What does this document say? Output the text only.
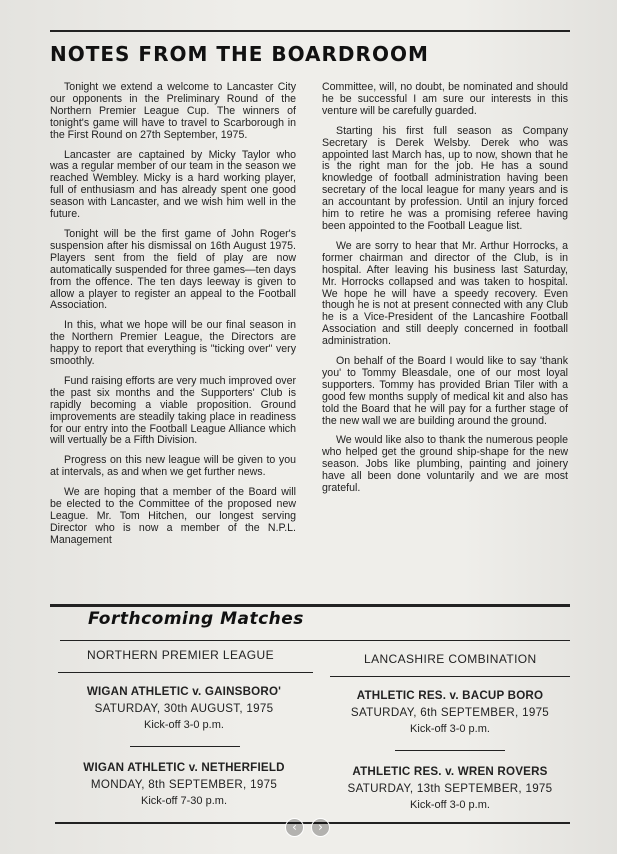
NOTES FROM THE BOARDROOM

Tonight we extend a welcome to Lancaster City our opponents in the Preliminary Round of the Northern Premier League Cup. The winners of tonight's game will have to travel to Scarborough in the First Round on 27th September, 1975.

Lancaster are captained by Micky Taylor who was a regular member of our team in the season we reached Wembley. Micky is a hard working player, full of enthusiasm and has already spent one good season with Lancaster, and we wish him well in the future.

Tonight will be the first game of John Roger's suspension after his dismissal on 16th August 1975. Players sent from the field of play are now automatically suspended for three games—ten days from the offence. The ten days leeway is given to allow a player to register an appeal to the Football Association.

In this, what we hope will be our final season in the Northern Premier League, the Directors are happy to report that everything is "ticking over" very smoothly.

Fund raising efforts are very much improved over the past six months and the Supporters' Club is rapidly becoming a viable proposition. Ground improvements are steadily taking place in readiness for our entry into the Football League Alliance which will vertually be a Fifth Division.

Progress on this new league will be given to you at intervals, as and when we get further news.

We are hoping that a member of the Board will be elected to the Committee of the proposed new League. Mr. Tom Hitchen, our longest serving Director who is now a member of the N.P.L. Management

Committee, will, no doubt, be nominated and should he be successful I am sure our interests in this venture will be carefully guarded.

Starting his first full season as Company Secretary is Derek Welsby. Derek who was appointed last March has, up to now, shown that he is the right man for the job. He has a sound knowledge of football administration having been secretary of the local league for many years and is an accountant by profession. Until an injury forced him to retire he was a promising referee having been appointed to the Football League list.

We are sorry to hear that Mr. Arthur Horrocks, a former chairman and director of the Club, is in hospital. After leaving his business last Saturday, Mr. Horrocks collapsed and was taken to hospital. We hope he will have a speedy recovery. Even though he is not at present connected with any Club he is a Vice-President of the Lancashire Football Association and still deeply concerned in football administration.

On behalf of the Board I would like to say 'thank you' to Tommy Bleasdale, one of our most loyal supporters. Tommy has provided Brian Tiler with a good few months supply of medical kit and also has told the Board that he will pay for a further stage of the new wall we are building around the ground.

We would like also to thank the numerous people who helped get the ground ship-shape for the new season. Jobs like plumbing, painting and joinery have all been done voluntarily and we are most grateful.

Forthcoming Matches
NORTHERN PREMIER LEAGUE	LANCASHIRE COMBINATION
WIGAN ATHLETIC v. GAINSBORO'
SATURDAY, 30th AUGUST, 1975
Kick-off 3-0 p.m.
ATHLETIC RES. v. BACUP BORO
SATURDAY, 6th SEPTEMBER, 1975
Kick-off 3-0 p.m.
WIGAN ATHLETIC v. NETHERFIELD
MONDAY, 8th SEPTEMBER, 1975
Kick-off 7-30 p.m.
ATHLETIC RES. v. WREN ROVERS
SATURDAY, 13th SEPTEMBER, 1975
Kick-off 3-0 p.m.
‹	›
